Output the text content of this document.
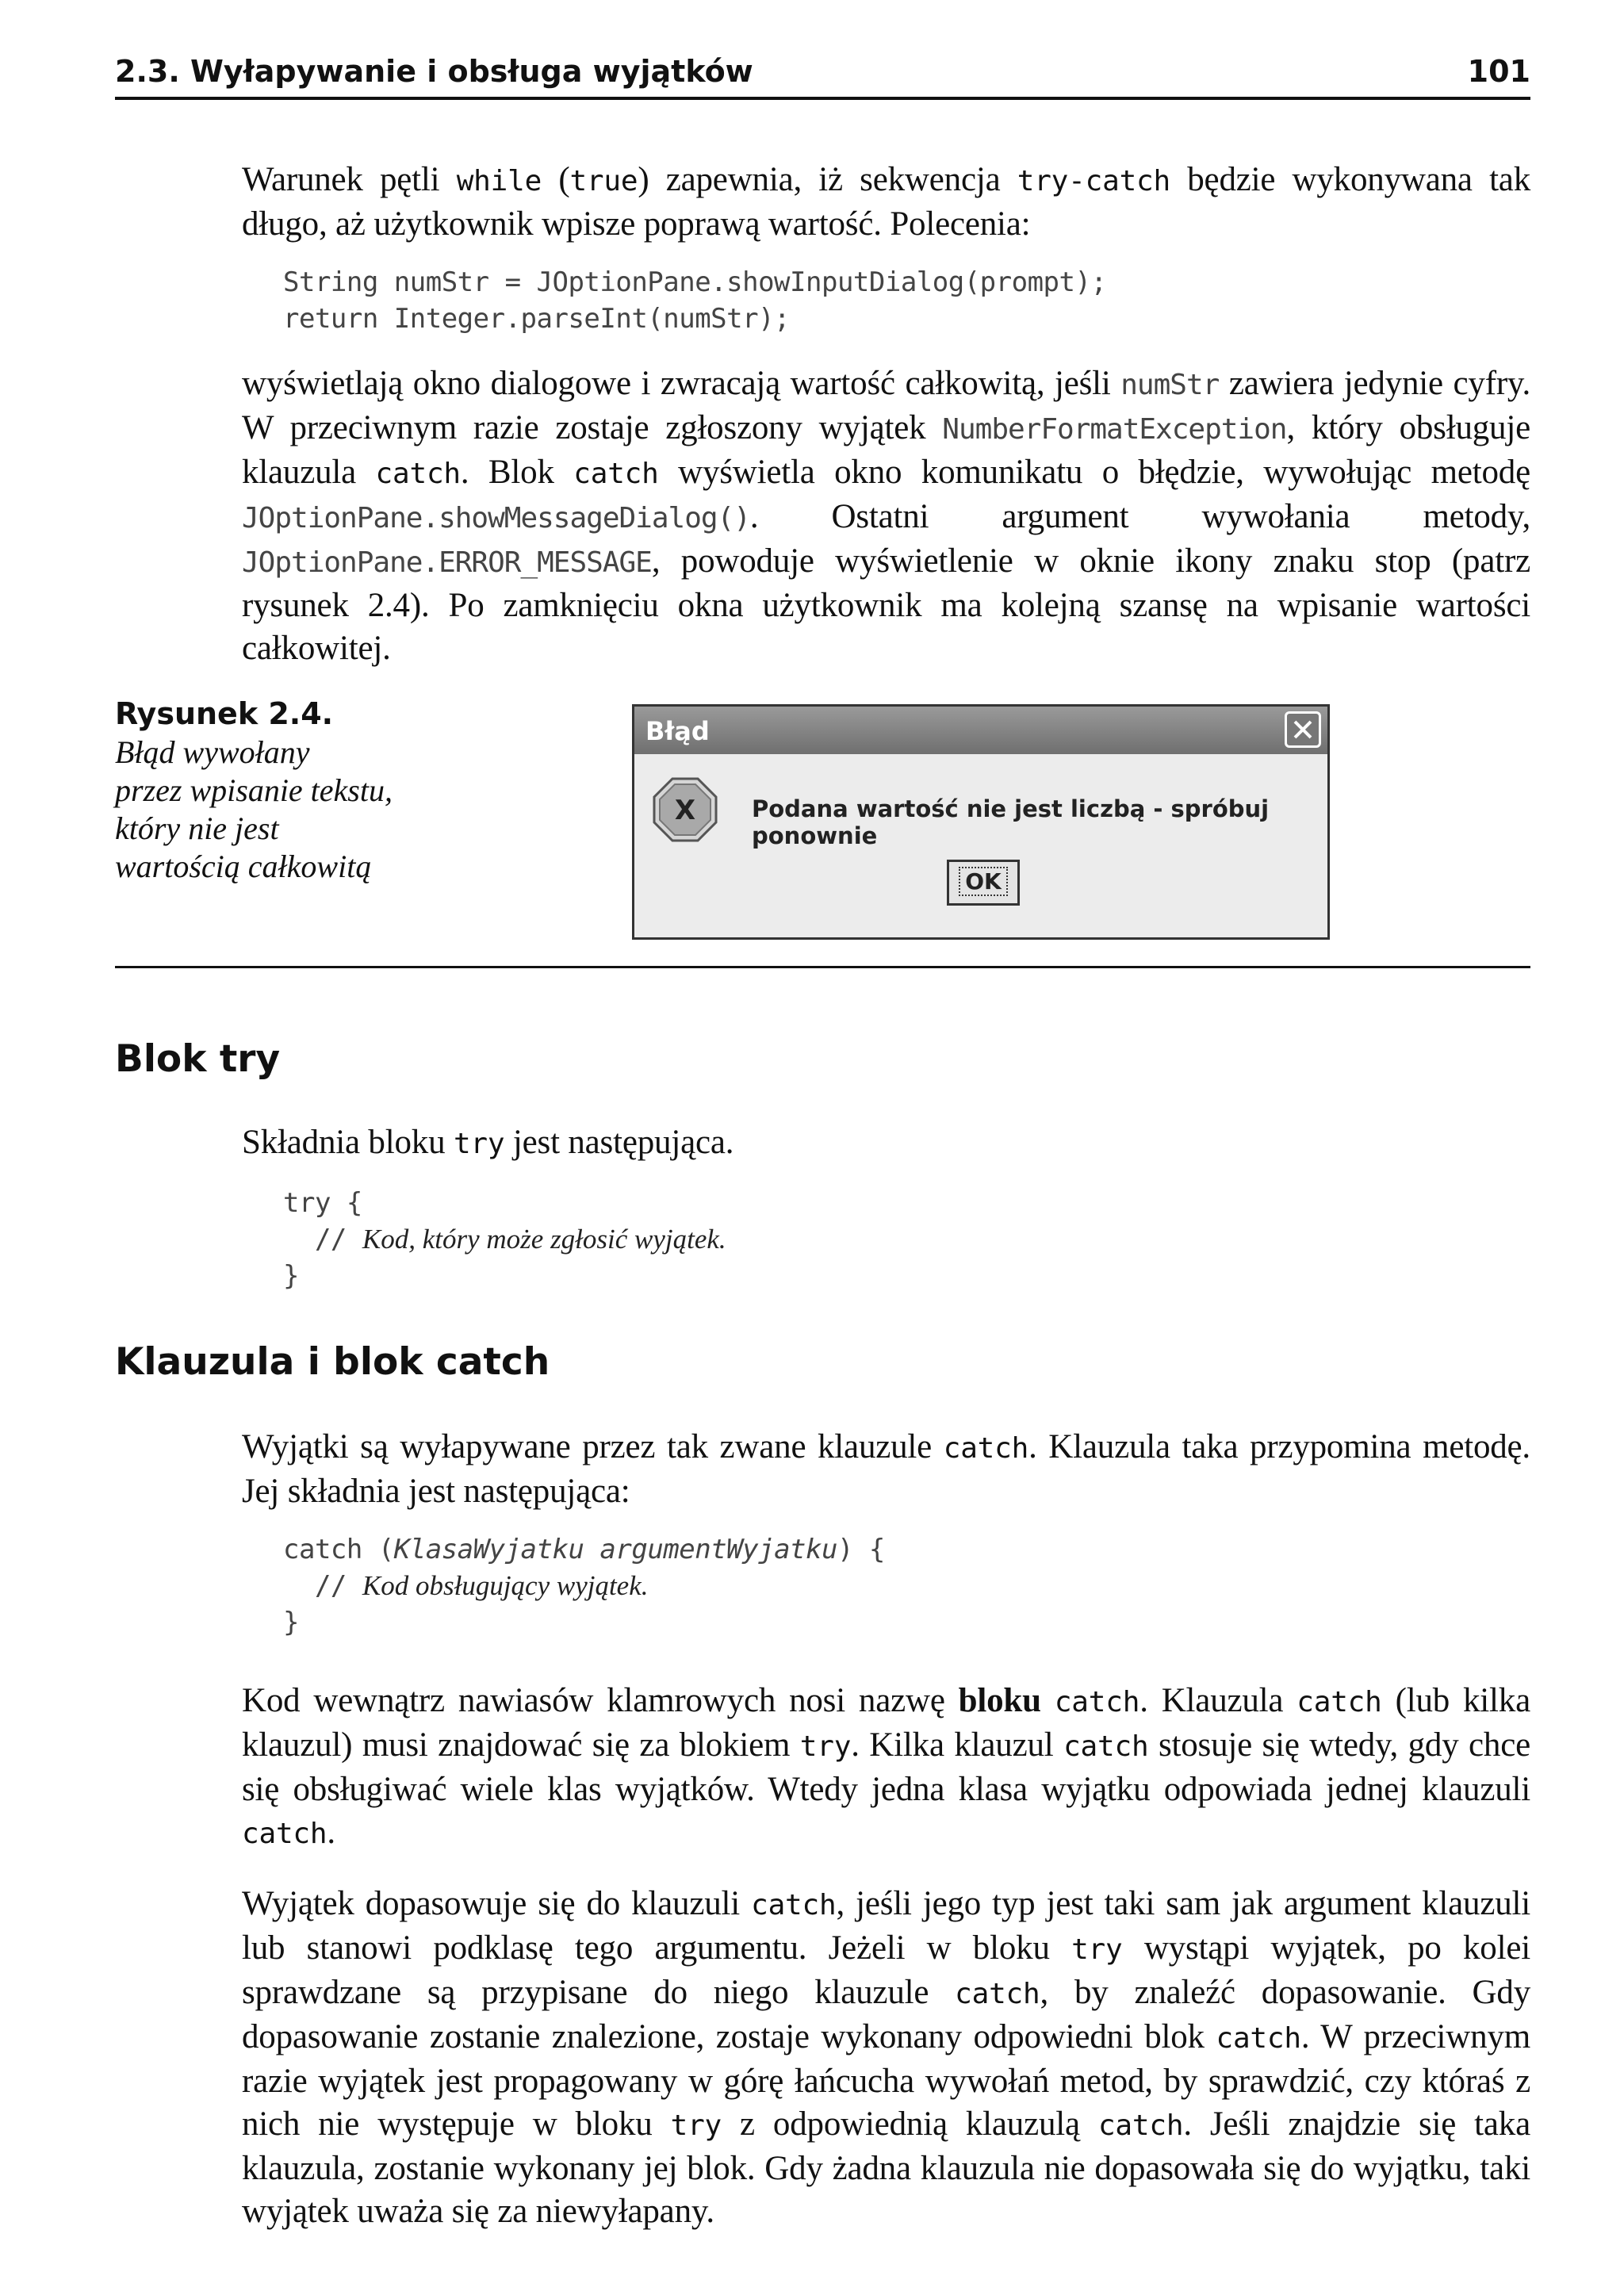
2.3. Wyłapywanie i obsługa wyjątków	101

Warunek pętli while (true) zapewnia, iż sekwencja try-catch będzie wykonywana tak długo, aż użytkownik wpisze poprawą wartość. Polecenia:

String numStr = JOptionPane.showInputDialog(prompt);
return Integer.parseInt(numStr);

wyświetlają okno dialogowe i zwracają wartość całkowitą, jeśli numStr zawiera jedynie cyfry. W przeciwnym razie zostaje zgłoszony wyjątek NumberFormatException, który obsługuje klauzula catch. Blok catch wyświetla okno komunikatu o błędzie, wywołując metodę JOptionPane.showMessageDialog(). Ostatni argument wywołania metody, JOptionPane.ERROR_MESSAGE, powoduje wyświetlenie w oknie ikony znaku stop (patrz rysunek 2.4). Po zamknięciu okna użytkownik ma kolejną szansę na wpisanie wartości całkowitej.

Rysunek 2.4.
Błąd wywołany
przez wpisanie tekstu,
który nie jest
wartością całkowitą
Błąd
X Podana wartość nie jest liczbą - spróbuj ponownie
OK
Blok try

Składnia bloku try jest następująca.

try {
// Kod, który może zgłosić wyjątek.
}
Klauzula i blok catch

Wyjątki są wyłapywane przez tak zwane klauzule catch. Klauzula taka przypomina metodę. Jej składnia jest następująca:

catch (KlasaWyjatku argumentWyjatku) {
// Kod obsługujący wyjątek.
}

Kod wewnątrz nawiasów klamrowych nosi nazwę bloku catch. Klauzula catch (lub kilka klauzul) musi znajdować się za blokiem try. Kilka klauzul catch stosuje się wtedy, gdy chce się obsługiwać wiele klas wyjątków. Wtedy jedna klasa wyjątku odpowiada jednej klauzuli catch.

Wyjątek dopasowuje się do klauzuli catch, jeśli jego typ jest taki sam jak argument klauzuli lub stanowi podklasę tego argumentu. Jeżeli w bloku try wystąpi wyjątek, po kolei sprawdzane są przypisane do niego klauzule catch, by znaleźć dopasowanie. Gdy dopasowanie zostanie znalezione, zostaje wykonany odpowiedni blok catch. W przeciwnym razie wyjątek jest propagowany w górę łańcucha wywołań metod, by sprawdzić, czy któraś z nich nie występuje w bloku try z odpowiednią klauzulą catch. Jeśli znajdzie się taka klauzula, zostanie wykonany jej blok. Gdy żadna klauzula nie dopasowała się do wyjątku, taki wyjątek uważa się za niewyłapany.
